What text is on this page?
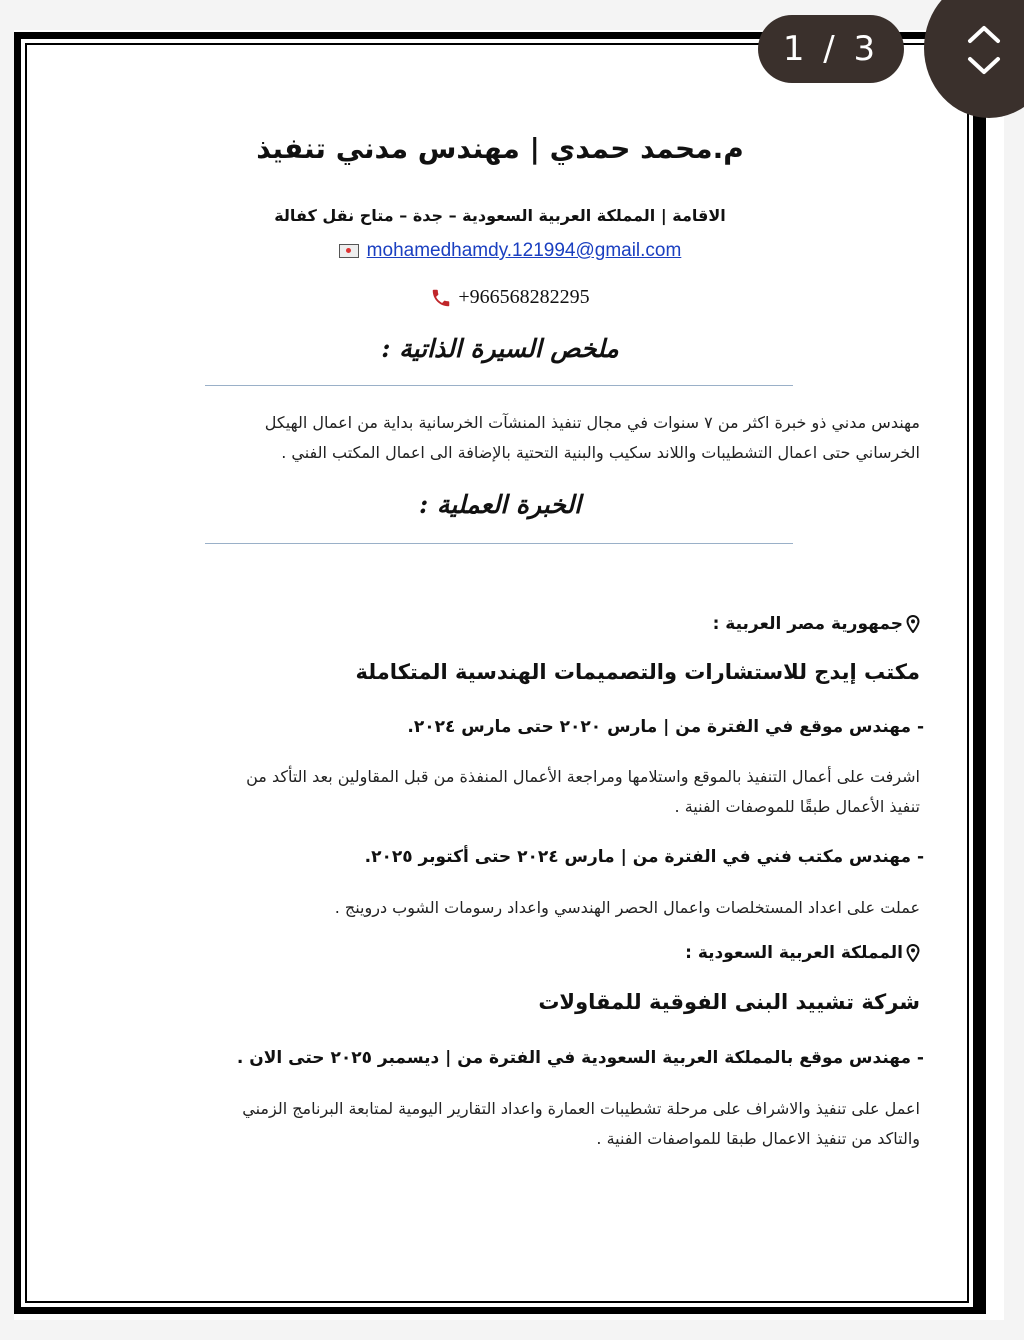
1 / 3
م.محمد حمدي | مهندس مدني تنفيذ
الاقامة | المملكة العربية السعودية – جدة – متاح نقل كفالة
mohamedhamdy.121994@gmail.com
+966568282295
ملخص السيرة الذاتية :
مهندس مدني ذو خبرة اكثر من ٧ سنوات في مجال تنفيذ المنشآت الخرسانية بداية من اعمال الهيكل
الخرساني حتى اعمال التشطيبات واللاند سكيب والبنية التحتية بالإضافة الى اعمال المكتب الفني .
الخبرة العملية :
جمهورية مصر العربية :
مكتب إيدج للاستشارات والتصميمات الهندسية المتكاملة
- مهندس موقع في الفترة من | مارس ٢٠٢٠ حتى مارس ٢٠٢٤.
اشرفت على أعمال التنفيذ بالموقع واستلامها ومراجعة الأعمال المنفذة من قبل المقاولين بعد التأكد من
تنفيذ الأعمال طبقًا للموصفات الفنية .
- مهندس مكتب فني في الفترة من | مارس ٢٠٢٤ حتى أكتوبر ٢٠٢٥.
عملت على اعداد المستخلصات واعمال الحصر الهندسي واعداد رسومات الشوب دروينج .
المملكة العربية السعودية :
شركة تشييد البنى الفوقية للمقاولات
- مهندس موقع بالمملكة العربية السعودية في الفترة من | ديسمبر ٢٠٢٥ حتى الان .
اعمل على تنفيذ والاشراف على مرحلة تشطيبات العمارة واعداد التقارير اليومية لمتابعة البرنامج الزمني
والتاكد من تنفيذ الاعمال طبقا للمواصفات الفنية .
